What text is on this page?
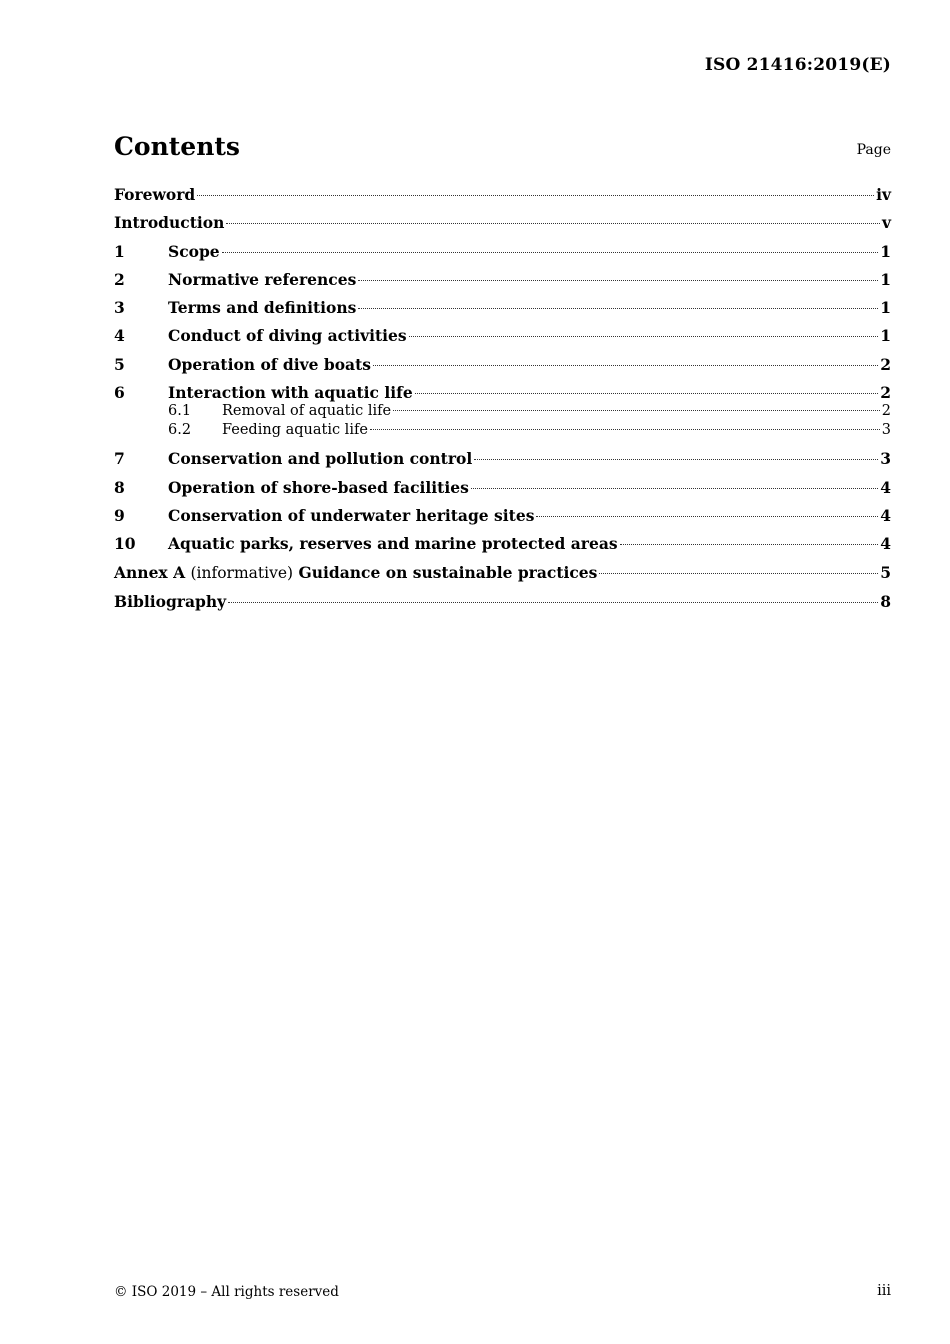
ISO 21416:2019(E)
Contents	Page
Foreword	iv
Introduction	v
1	Scope	1
2	Normative references	1
3	Terms and definitions	1
4	Conduct of diving activities	1
5	Operation of dive boats	2
6	Interaction with aquatic life	2
6.1	Removal of aquatic life	2
6.2	Feeding aquatic life	3
7	Conservation and pollution control	3
8	Operation of shore-based facilities	4
9	Conservation of underwater heritage sites	4
10	Aquatic parks, reserves and marine protected areas	4
Annex A (informative) Guidance on sustainable practices	5
Bibliography	8
© ISO 2019 – All rights reserved	iii
